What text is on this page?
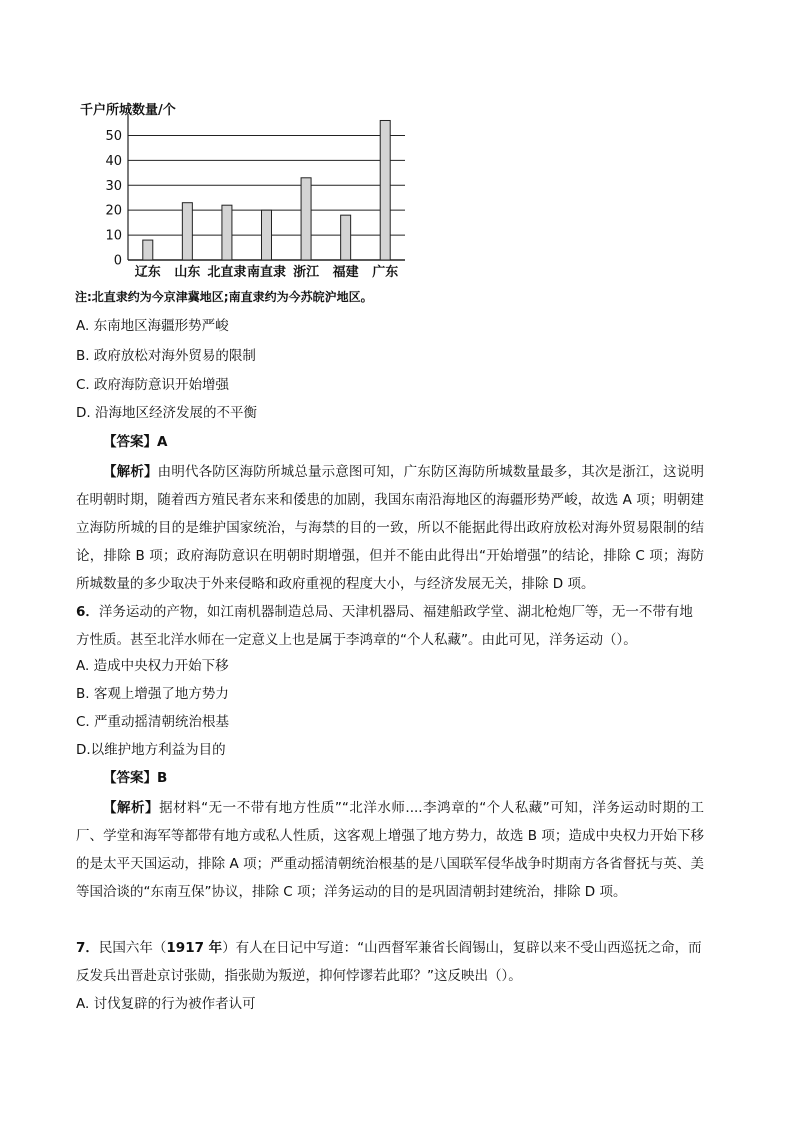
千户所城数量/个
0
10
20
30
40
50
辽东 山东 北直隶 南直隶 浙江 福建 广东
注:北直隶约为今京津冀地区;南直隶约为今苏皖沪地区。
A. 东南地区海疆形势严峻
B. 政府放松对海外贸易的限制
C. 政府海防意识开始增强
D. 沿海地区经济发展的不平衡
【答案】A

【解析】由明代各防区海防所城总量示意图可知，广东防区海防所城数量最多，其次是浙江，这说明在明朝时期，随着西方殖民者东来和倭患的加剧，我国东南沿海地区的海疆形势严峻，故选 A 项；明朝建立海防所城的目的是维护国家统治，与海禁的目的一致，所以不能据此得出政府放松对海外贸易限制的结论，排除 B 项；政府海防意识在明朝时期增强，但并不能由此得出“开始增强”的结论，排除 C 项；海防所城数量的多少取决于外来侵略和政府重视的程度大小，与经济发展无关，排除 D 项。

6．洋务运动的产物，如江南机器制造总局、天津机器局、福建船政学堂、湖北枪炮厂等，无一不带有地方性质。甚至北洋水师在一定意义上也是属于李鸿章的“个人私藏”。由此可见，洋务运动（）。

A. 造成中央权力开始下移
B. 客观上增强了地方势力
C. 严重动摇清朝统治根基
D.以维护地方利益为目的
【答案】B

【解析】据材料“无一不带有地方性质”“北洋水师....李鸿章的“个人私藏”可知，洋务运动时期的工厂、学堂和海军等都带有地方或私人性质，这客观上增强了地方势力，故选 B 项；造成中央权力开始下移的是太平天国运动，排除 A 项；严重动摇清朝统治根基的是八国联军侵华战争时期南方各省督抚与英、美等国洽谈的“东南互保”协议，排除 C 项；洋务运动的目的是巩固清朝封建统治，排除 D 项。

7．民国六年（1917 年）有人在日记中写道：“山西督军兼省长阎锡山，复辟以来不受山西巡抚之命，而反发兵出晋赴京讨张勋，指张勋为叛逆，抑何悖谬若此耶？”这反映出（）。

A. 讨伐复辟的行为被作者认可
